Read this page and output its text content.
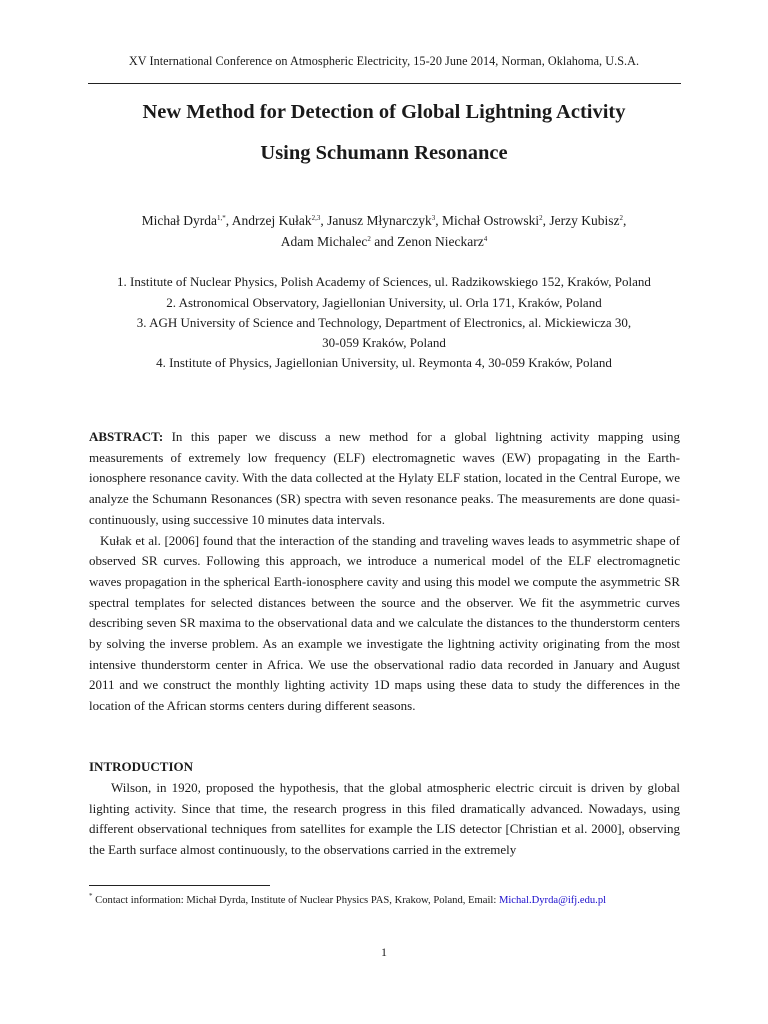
XV International Conference on Atmospheric Electricity, 15-20 June 2014, Norman, Oklahoma, U.S.A.
New Method for Detection of Global Lightning Activity
Using Schumann Resonance
Michał Dyrda$^{1,*}$, Andrzej Kułak$^{2,3}$, Janusz Młynarczyk$^3$, Michał Ostrowski$^2$, Jerzy Kubisz$^2$,
Adam Michalec$^2$ and Zenon Nieckarz$^4$
1. Institute of Nuclear Physics, Polish Academy of Sciences, ul. Radzikowskiego 152, Kraków, Poland
2. Astronomical Observatory, Jagiellonian University, ul. Orla 171, Kraków, Poland
3. AGH University of Science and Technology, Department of Electronics, al. Mickiewicza 30,
30-059 Kraków, Poland
4. Institute of Physics, Jagiellonian University, ul. Reymonta 4, 30-059 Kraków, Poland
ABSTRACT: In this paper we discuss a new method for a global lightning activity mapping using measurements of extremely low frequency (ELF) electromagnetic waves (EW) propagating in the Earth-ionosphere resonance cavity. With the data collected at the Hylaty ELF station, located in the Central Europe, we analyze the Schumann Resonances (SR) spectra with seven resonance peaks. The measurements are done quasi-continuously, using successive 10 minutes data intervals.
Kułak et al. [2006] found that the interaction of the standing and traveling waves leads to asymmetric shape of observed SR curves. Following this approach, we introduce a numerical model of the ELF electromagnetic waves propagation in the spherical Earth-ionosphere cavity and using this model we compute the asymmetric SR spectral templates for selected distances between the source and the observer. We fit the asymmetric curves describing seven SR maxima to the observational data and we calculate the distances to the thunderstorm centers by solving the inverse problem. As an example we investigate the lightning activity originating from the most intensive thunderstorm center in Africa. We use the observational radio data recorded in January and August 2011 and we construct the monthly lighting activity 1D maps using these data to study the differences in the location of the African storms centers during different seasons.
INTRODUCTION
Wilson, in 1920, proposed the hypothesis, that the global atmospheric electric circuit is driven by global lighting activity. Since that time, the research progress in this filed dramatically advanced. Nowadays, using different observational techniques from satellites for example the LIS detector [Christian et al. 2000], observing the Earth surface almost continuously, to the observations carried in the extremely
* Contact information: Michał Dyrda, Institute of Nuclear Physics PAS, Krakow, Poland, Email: Michal.Dyrda@ifj.edu.pl
1
